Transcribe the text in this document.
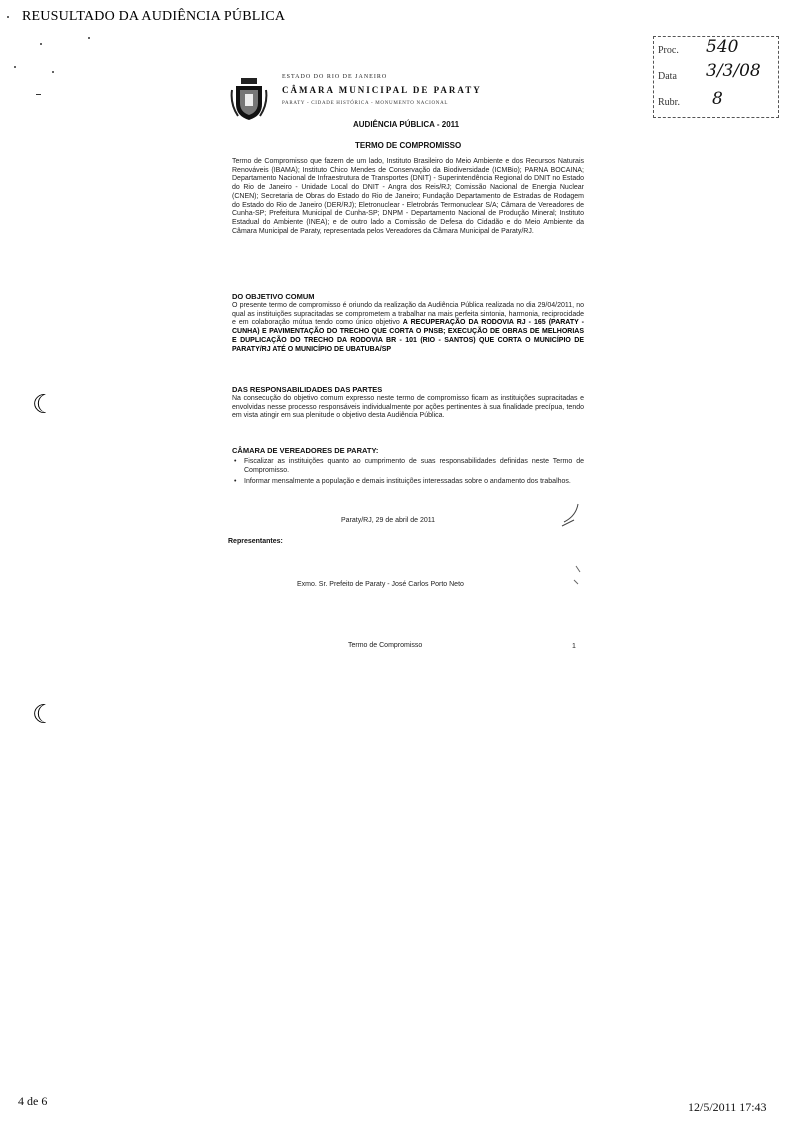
REUSULTADO DA AUDIÊNCIA PÚBLICA
Proc. 540
Data 3/3/08
Rubr. 8
ESTADO DO RIO DE JANEIRO
CÂMARA MUNICIPAL DE PARATY
PARATY - CIDADE HISTÓRICA - MONUMENTO NACIONAL
AUDIÊNCIA PÚBLICA - 2011
TERMO DE COMPROMISSO
Termo de Compromisso que fazem de um lado, Instituto Brasileiro do Meio Ambiente e dos Recursos Naturais Renováveis (IBAMA); Instituto Chico Mendes de Conservação da Biodiversidade (ICMBio); PARNA BOCAINA; Departamento Nacional de Infraestrutura de Transportes (DNIT) - Superintendência Regional do DNIT no Estado do Rio de Janeiro - Unidade Local do DNIT - Angra dos Reis/RJ; Comissão Nacional de Energia Nuclear (CNEN); Secretaria de Obras do Estado do Rio de Janeiro; Fundação Departamento de Estradas de Rodagem do Estado do Rio de Janeiro (DER/RJ); Eletronuclear - Eletrobrás Termonuclear S/A; Câmara de Vereadores de Cunha-SP; Prefeitura Municipal de Cunha-SP; DNPM - Departamento Nacional de Produção Mineral; Instituto Estadual do Ambiente (INEA); e de outro lado a Comissão de Defesa do Cidadão e do Meio Ambiente da Câmara Municipal de Paraty, representada pelos Vereadores da Câmara Municipal de Paraty/RJ.
DO OBJETIVO COMUM
O presente termo de compromisso é oriundo da realização da Audiência Pública realizada no dia 29/04/2011, no qual as instituições supracitadas se comprometem a trabalhar na mais perfeita sintonia, harmonia, reciprocidade e em colaboração mútua tendo como único objetivo A RECUPERAÇÃO DA RODOVIA RJ - 165 (PARATY - CUNHA) E PAVIMENTAÇÃO DO TRECHO QUE CORTA O PNSB; EXECUÇÃO DE OBRAS DE MELHORIAS E DUPLICAÇÃO DO TRECHO DA RODOVIA BR - 101 (RIO - SANTOS) QUE CORTA O MUNICÍPIO DE PARATY/RJ ATÉ O MUNICÍPIO DE UBATUBA/SP
DAS RESPONSABILIDADES DAS PARTES
Na consecução do objetivo comum expresso neste termo de compromisso ficam as instituições supracitadas e envolvidas nesse processo responsáveis individualmente por ações pertinentes à sua finalidade precípua, tendo em vista atingir em sua plenitude o objetivo desta Audiência Pública.
CÂMARA DE VEREADORES DE PARATY:
• Fiscalizar as instituições quanto ao cumprimento de suas responsabilidades definidas neste Termo de Compromisso.
• Informar mensalmente a população e demais instituições interessadas sobre o andamento dos trabalhos.
Paraty/RJ, 29 de abril de 2011
Representantes:
Exmo. Sr. Prefeito de Paraty - José Carlos Porto Neto
Termo de Compromisso	1
☾
☾
4 de 6	12/5/2011 17:43
